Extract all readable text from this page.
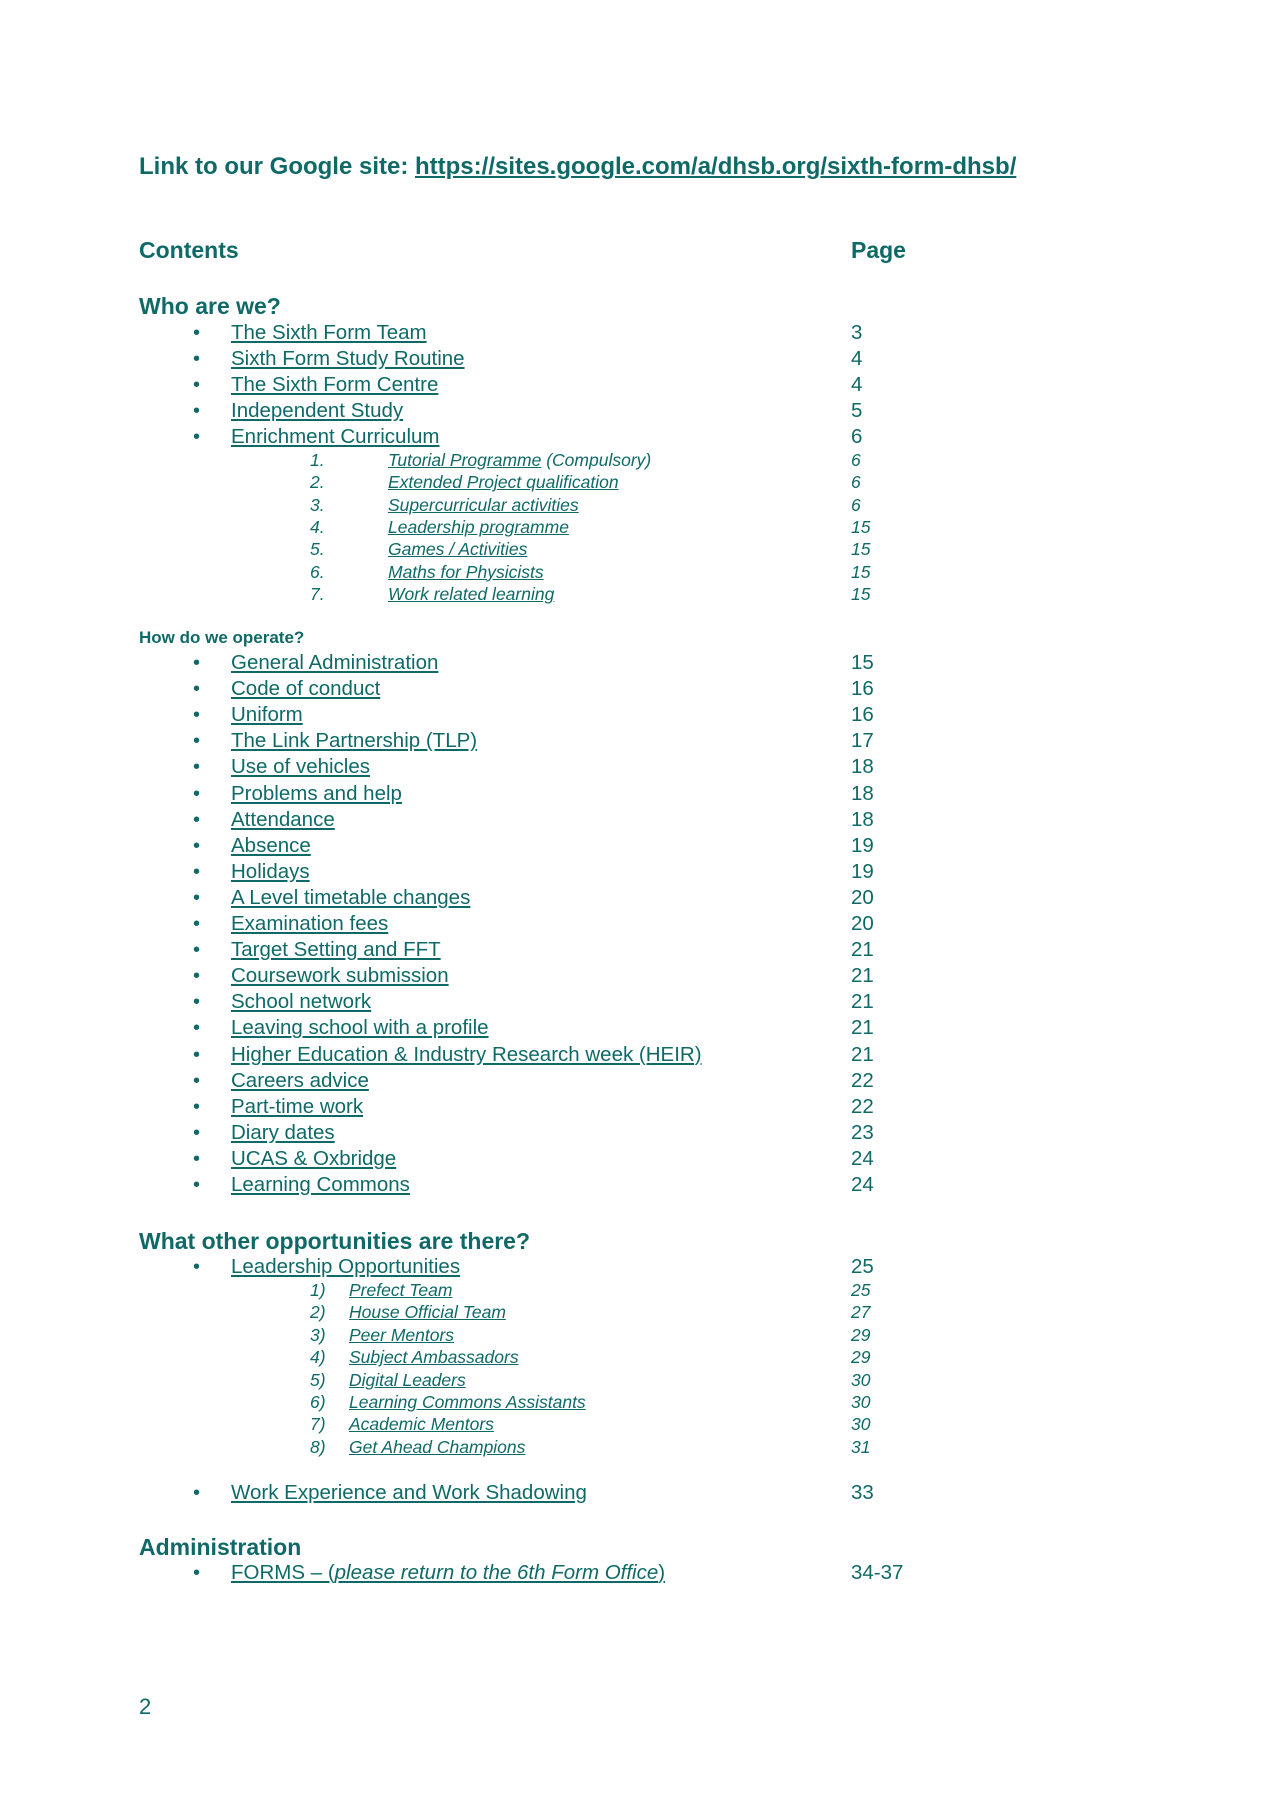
Link to our Google site: https://sites.google.com/a/dhsb.org/sixth-form-dhsb/
Contents	Page
Who are we?
• The Sixth Form Team	3
• Sixth Form Study Routine	4
• The Sixth Form Centre	4
• Independent Study	5
• Enrichment Curriculum	6
1.	Tutorial Programme (Compulsory)	6
2.	Extended Project qualification	6
3.	Supercurricular activities	6
4.	Leadership programme	15
5.	Games / Activities	15
6.	Maths for Physicists	15
7.	Work related learning	15
How do we operate?
• General Administration	15
• Code of conduct	16
• Uniform	16
• The Link Partnership (TLP)	17
• Use of vehicles	18
• Problems and help	18
• Attendance	18
• Absence	19
• Holidays	19
• A Level timetable changes	20
• Examination fees	20
• Target Setting and FFT	21
• Coursework submission	21
• School network	21
• Leaving school with a profile	21
• Higher Education & Industry Research week (HEIR)	21
• Careers advice	22
• Part-time work	22
• Diary dates	23
• UCAS & Oxbridge	24
• Learning Commons	24
What other opportunities are there?
• Leadership Opportunities	25
1) Prefect Team	25
2) House Official Team	27
3) Peer Mentors	29
4) Subject Ambassadors	29
5) Digital Leaders	30
6) Learning Commons Assistants	30
7) Academic Mentors	30
8) Get Ahead Champions	31
• Work Experience and Work Shadowing	33
Administration
• FORMS – (please return to the 6th Form Office)	34-37
2
